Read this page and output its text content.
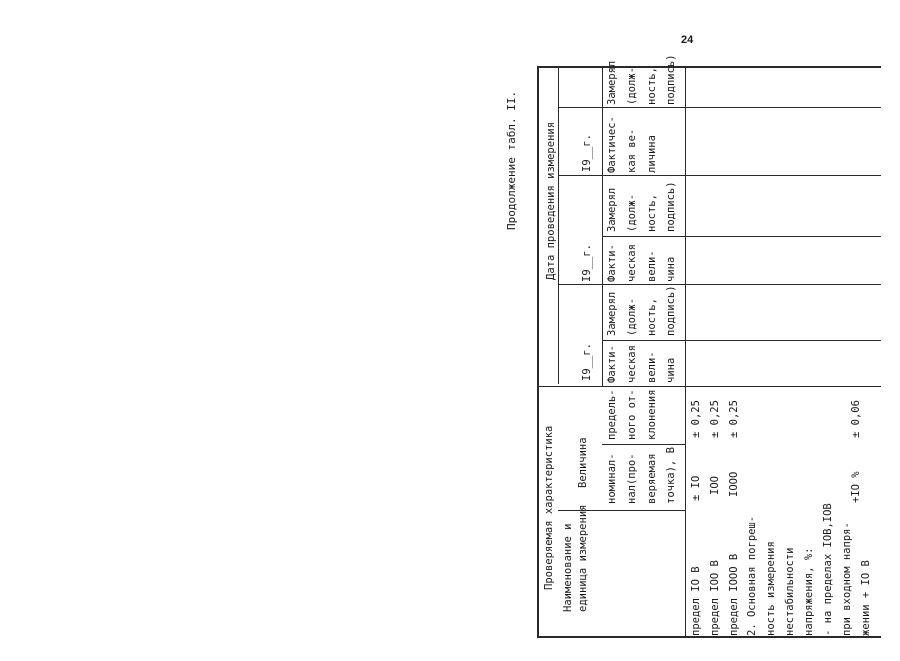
24
Продолжение табл. II.
Проверяемая характеристика
Дата проведения измерения
Наименование и единица измерения
Величина номинал- нал(про- веряемая точка), В
предель- ного от- клонения
I9__г. Факти- ческая вели- чина
Замерял (долж- ность, подпись)
I9__г. Факти- ческая вели- чина
Замерял (долж- ность, подпись)
I9__г. Фактичес- кая ве- личина
Замерял (долж- ность, подпись)
предел IO В предел IOO В предел IOOO В 2. Основная погреш- ность измерения нестабильности напряжения, %: - на пределах IOВ,IOВ при входном напря- жении + IO В
± IO IOO IOOO	+IO %
± 0,25 ± 0,25 ± 0,25	± 0,06
